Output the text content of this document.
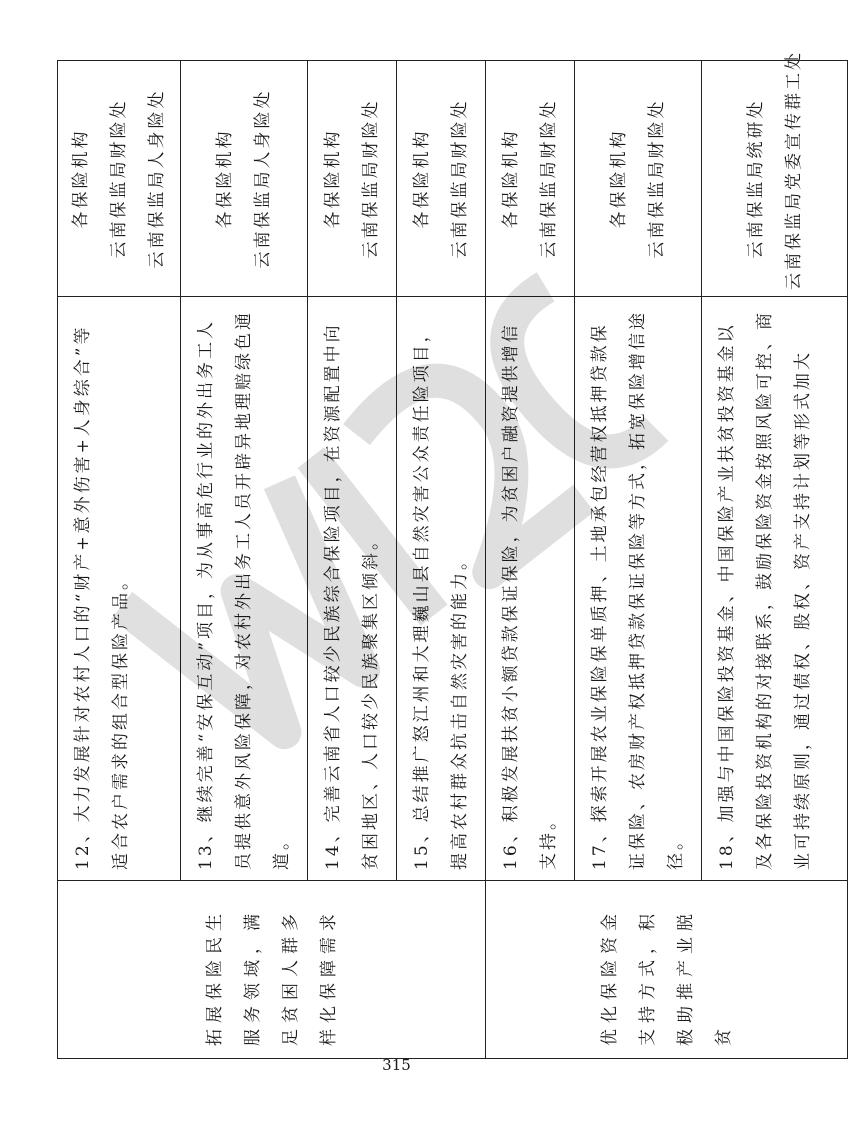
拓展保险民生服务领域，满足贫困人群多样化保障需求	12、大力发展针对农村人口的“财产+意外伤害+人身综合”等适合农户需求的组合型保险产品。	各保险机构 云南保监局财险处 云南保监局人身险处

	13、继续完善“安保互动”项目，为从事高危行业的外出务工人员提供意外风险保障，对农村外出务工人员开辟异地理赔绿色通道。	各保险机构 云南保监局人身险处

	14、完善云南省人口较少民族综合保险项目，在资源配置中向贫困地区、人口较少民族聚集区倾斜。	各保险机构 云南保监局财险处

	15、总结推广怒江州和大理巍山县自然灾害公众责任险项目，提高农村群众抗击自然灾害的能力。	各保险机构 云南保监局财险处

优化保险资金支持方式，积极助推产业脱贫	16、积极发展扶贫小额贷款保证保险，为贫困户融资提供增信支持。	各保险机构 云南保监局财险处

	17、探索开展农业保险保单质押、土地承包经营权抵押贷款保证保险、农房财产权抵押贷款保证保险等方式，拓宽保险增信途径。	各保险机构 云南保监局财险处

	18、加强与中国保险投资基金、中国保险产业扶贫投资基金以及各保险投资机构的对接联系，鼓励保险资金按照风险可控、商业可持续原则，通过债权、股权、资产支持计划等形式加大	云南保监局统研处 云南保监局党委宣传群工处
315
